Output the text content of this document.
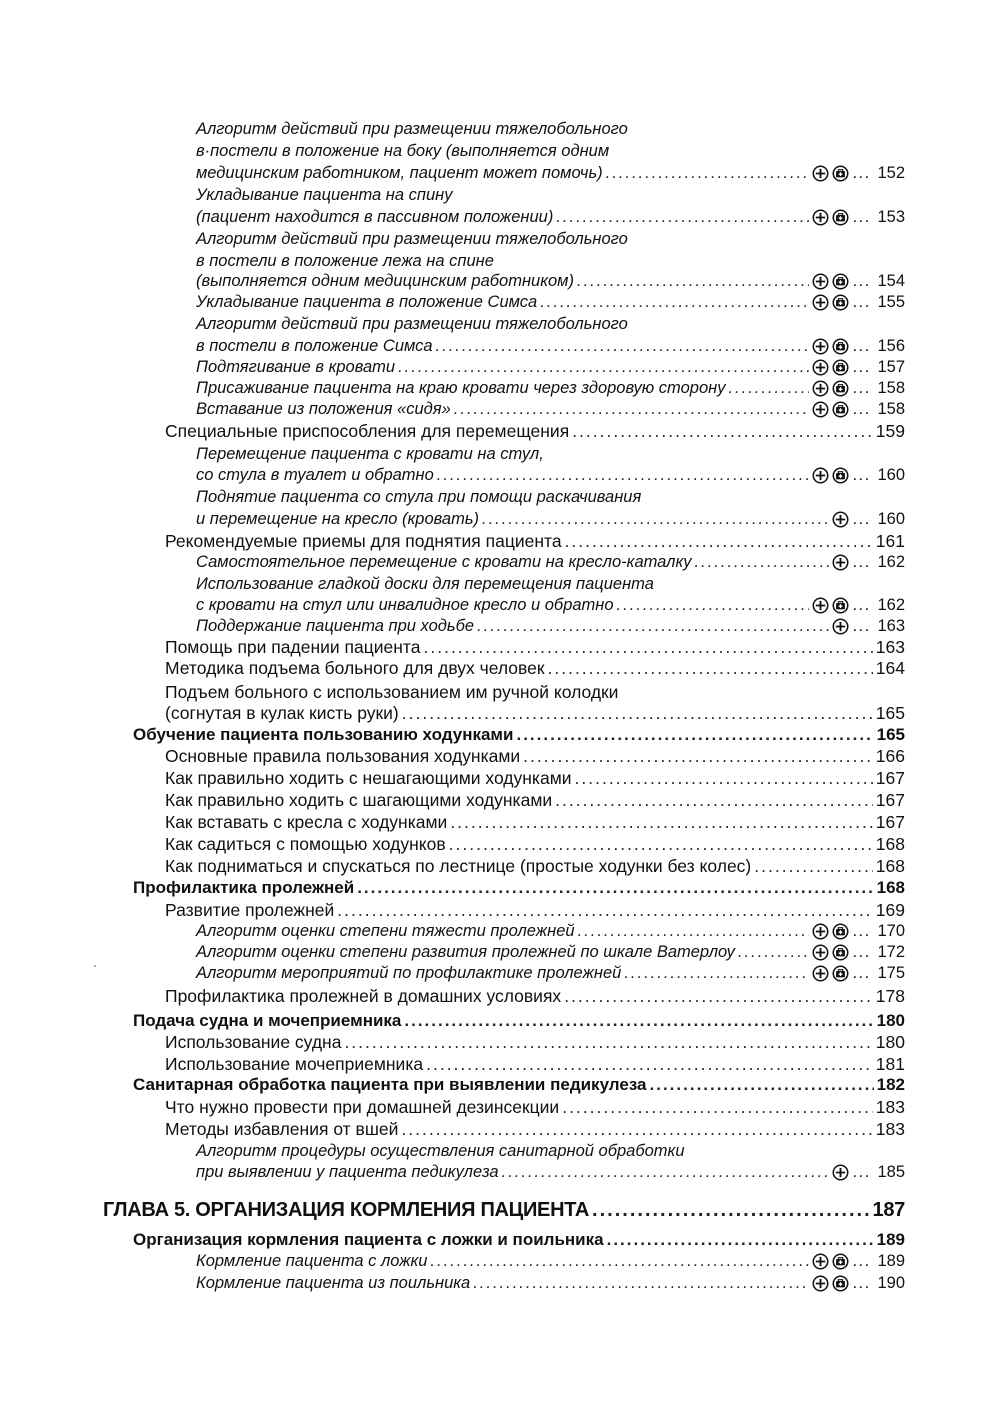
Алгоритм действий при размещении тяжелобольного
в·постели в положение на боку (выполняется одним
медицинским работником, пациент может помочь) ..... ...	152
Укладывание пациента на спину
(пациент находится в пассивном положении) ..... ...	153
Алгоритм действий при размещении тяжелобольного
в постели в положение лежа на спине
(выполняется одним медицинским работником) ..... ...	154
Укладывание пациента в положение Симса ..... ...	155
Алгоритм действий при размещении тяжелобольного
в постели в положение Симса ..... ...	156
Подтягивание в кровати ..... ...	157
Присаживание пациента на краю кровати через здоровую сторону ..... ...	158
Вставание из положения «сидя» ..... ...	158
Специальные приспособления для перемещения .....	159
Перемещение пациента с кровати на стул,
со стула в туалет и обратно ..... ...	160
Поднятие пациента со стула при помощи раскачивания
и перемещение на кресло (кровать) ..... ...	160
Рекомендуемые приемы для поднятия пациента .....	161
Самостоятельное перемещение с кровати на кресло-каталку ..... ...	162
Использование гладкой доски для перемещения пациента
с кровати на стул или инвалидное кресло и обратно ..... ...	162
Поддержание пациента при ходьбе ..... ...	163
Помощь при падении пациента .....	163
Методика подъема больного для двух человек .....	164
Подъем больного с использованием им ручной колодки
(согнутая в кулак кисть руки) .....	165
Обучение пациента пользованию ходунками .....	165
Основные правила пользования ходунками .....	166
Как правильно ходить с нешагающими ходунками .....	167
Как правильно ходить с шагающими ходунками .....	167
Как вставать с кресла с ходунками .....	167
Как садиться с помощью ходунков .....	168
Как подниматься и спускаться по лестнице (простые ходунки без колес) .....	168
Профилактика пролежней .....	168
Развитие пролежней .....	169
Алгоритм оценки степени тяжести пролежней ..... ...	170
Алгоритм оценки степени развития пролежней по шкале Ватерлоу ..... ...	172
Алгоритм мероприятий по профилактике пролежней ..... ...	175
Профилактика пролежней в домашних условиях .....	178
Подача судна и мочеприемника .....	180
Использование судна .....	180
Использование мочеприемника .....	181
Санитарная обработка пациента при выявлении педикулеза .....	182
Что нужно провести при домашней дезинсекции .....	183
Методы избавления от вшей .....	183
Алгоритм процедуры осуществления санитарной обработки
при выявлении у пациента педикулеза ..... ...	185
ГЛАВА 5. ОРГАНИЗАЦИЯ КОРМЛЕНИЯ ПАЦИЕНТА .....	187
Организация кормления пациента с ложки и поильника .....	189
Кормление пациента с ложки ..... ...	189
Кормление пациента из поильника ..... ...	190
